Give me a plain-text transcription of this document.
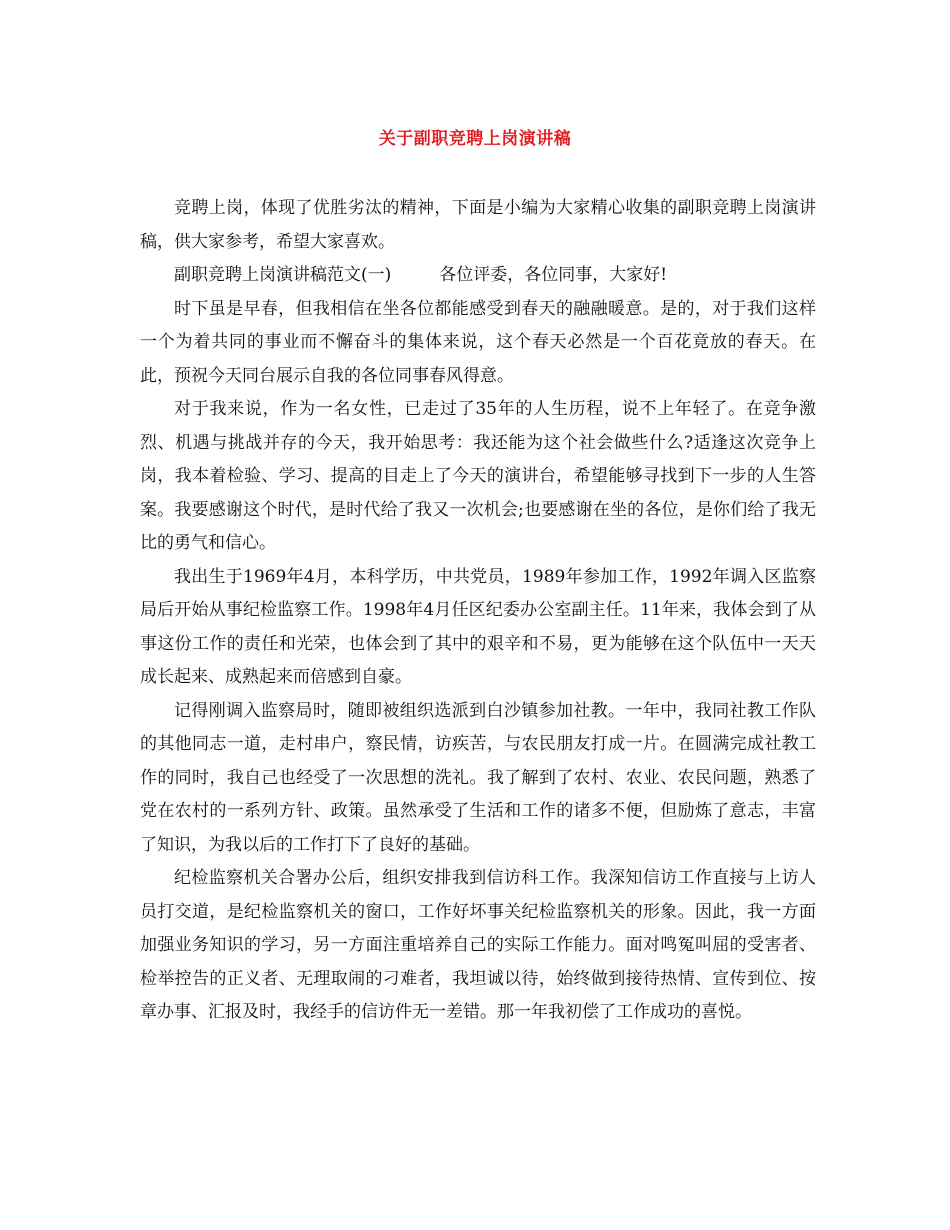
关于副职竞聘上岗演讲稿

竞聘上岗，体现了优胜劣汰的精神，下面是小编为大家精心收集的副职竞聘上岗演讲稿，供大家参考，希望大家喜欢。

副职竞聘上岗演讲稿范文(一)	各位评委，各位同事，大家好!

时下虽是早春，但我相信在坐各位都能感受到春天的融融暖意。是的，对于我们这样一个为着共同的事业而不懈奋斗的集体来说，这个春天必然是一个百花竟放的春天。在此，预祝今天同台展示自我的各位同事春风得意。

对于我来说，作为一名女性，已走过了35年的人生历程，说不上年轻了。在竞争激烈、机遇与挑战并存的今天，我开始思考：我还能为这个社会做些什么?适逢这次竞争上岗，我本着检验、学习、提高的目走上了今天的演讲台，希望能够寻找到下一步的人生答案。我要感谢这个时代，是时代给了我又一次机会;也要感谢在坐的各位，是你们给了我无比的勇气和信心。

我出生于1969年4月，本科学历，中共党员，1989年参加工作，1992年调入区监察局后开始从事纪检监察工作。1998年4月任区纪委办公室副主任。11年来，我体会到了从事这份工作的责任和光荣，也体会到了其中的艰辛和不易，更为能够在这个队伍中一天天成长起来、成熟起来而倍感到自豪。

记得刚调入监察局时，随即被组织选派到白沙镇参加社教。一年中，我同社教工作队的其他同志一道，走村串户，察民情，访疾苦，与农民朋友打成一片。在圆满完成社教工作的同时，我自己也经受了一次思想的洗礼。我了解到了农村、农业、农民问题，熟悉了党在农村的一系列方针、政策。虽然承受了生活和工作的诸多不便，但励炼了意志，丰富了知识，为我以后的工作打下了良好的基础。

纪检监察机关合署办公后，组织安排我到信访科工作。我深知信访工作直接与上访人员打交道，是纪检监察机关的窗口，工作好坏事关纪检监察机关的形象。因此，我一方面加强业务知识的学习，另一方面注重培养自己的实际工作能力。面对鸣冤叫屈的受害者、检举控告的正义者、无理取闹的刁难者，我坦诚以待，始终做到接待热情、宣传到位、按章办事、汇报及时，我经手的信访件无一差错。那一年我初偿了工作成功的喜悦。
